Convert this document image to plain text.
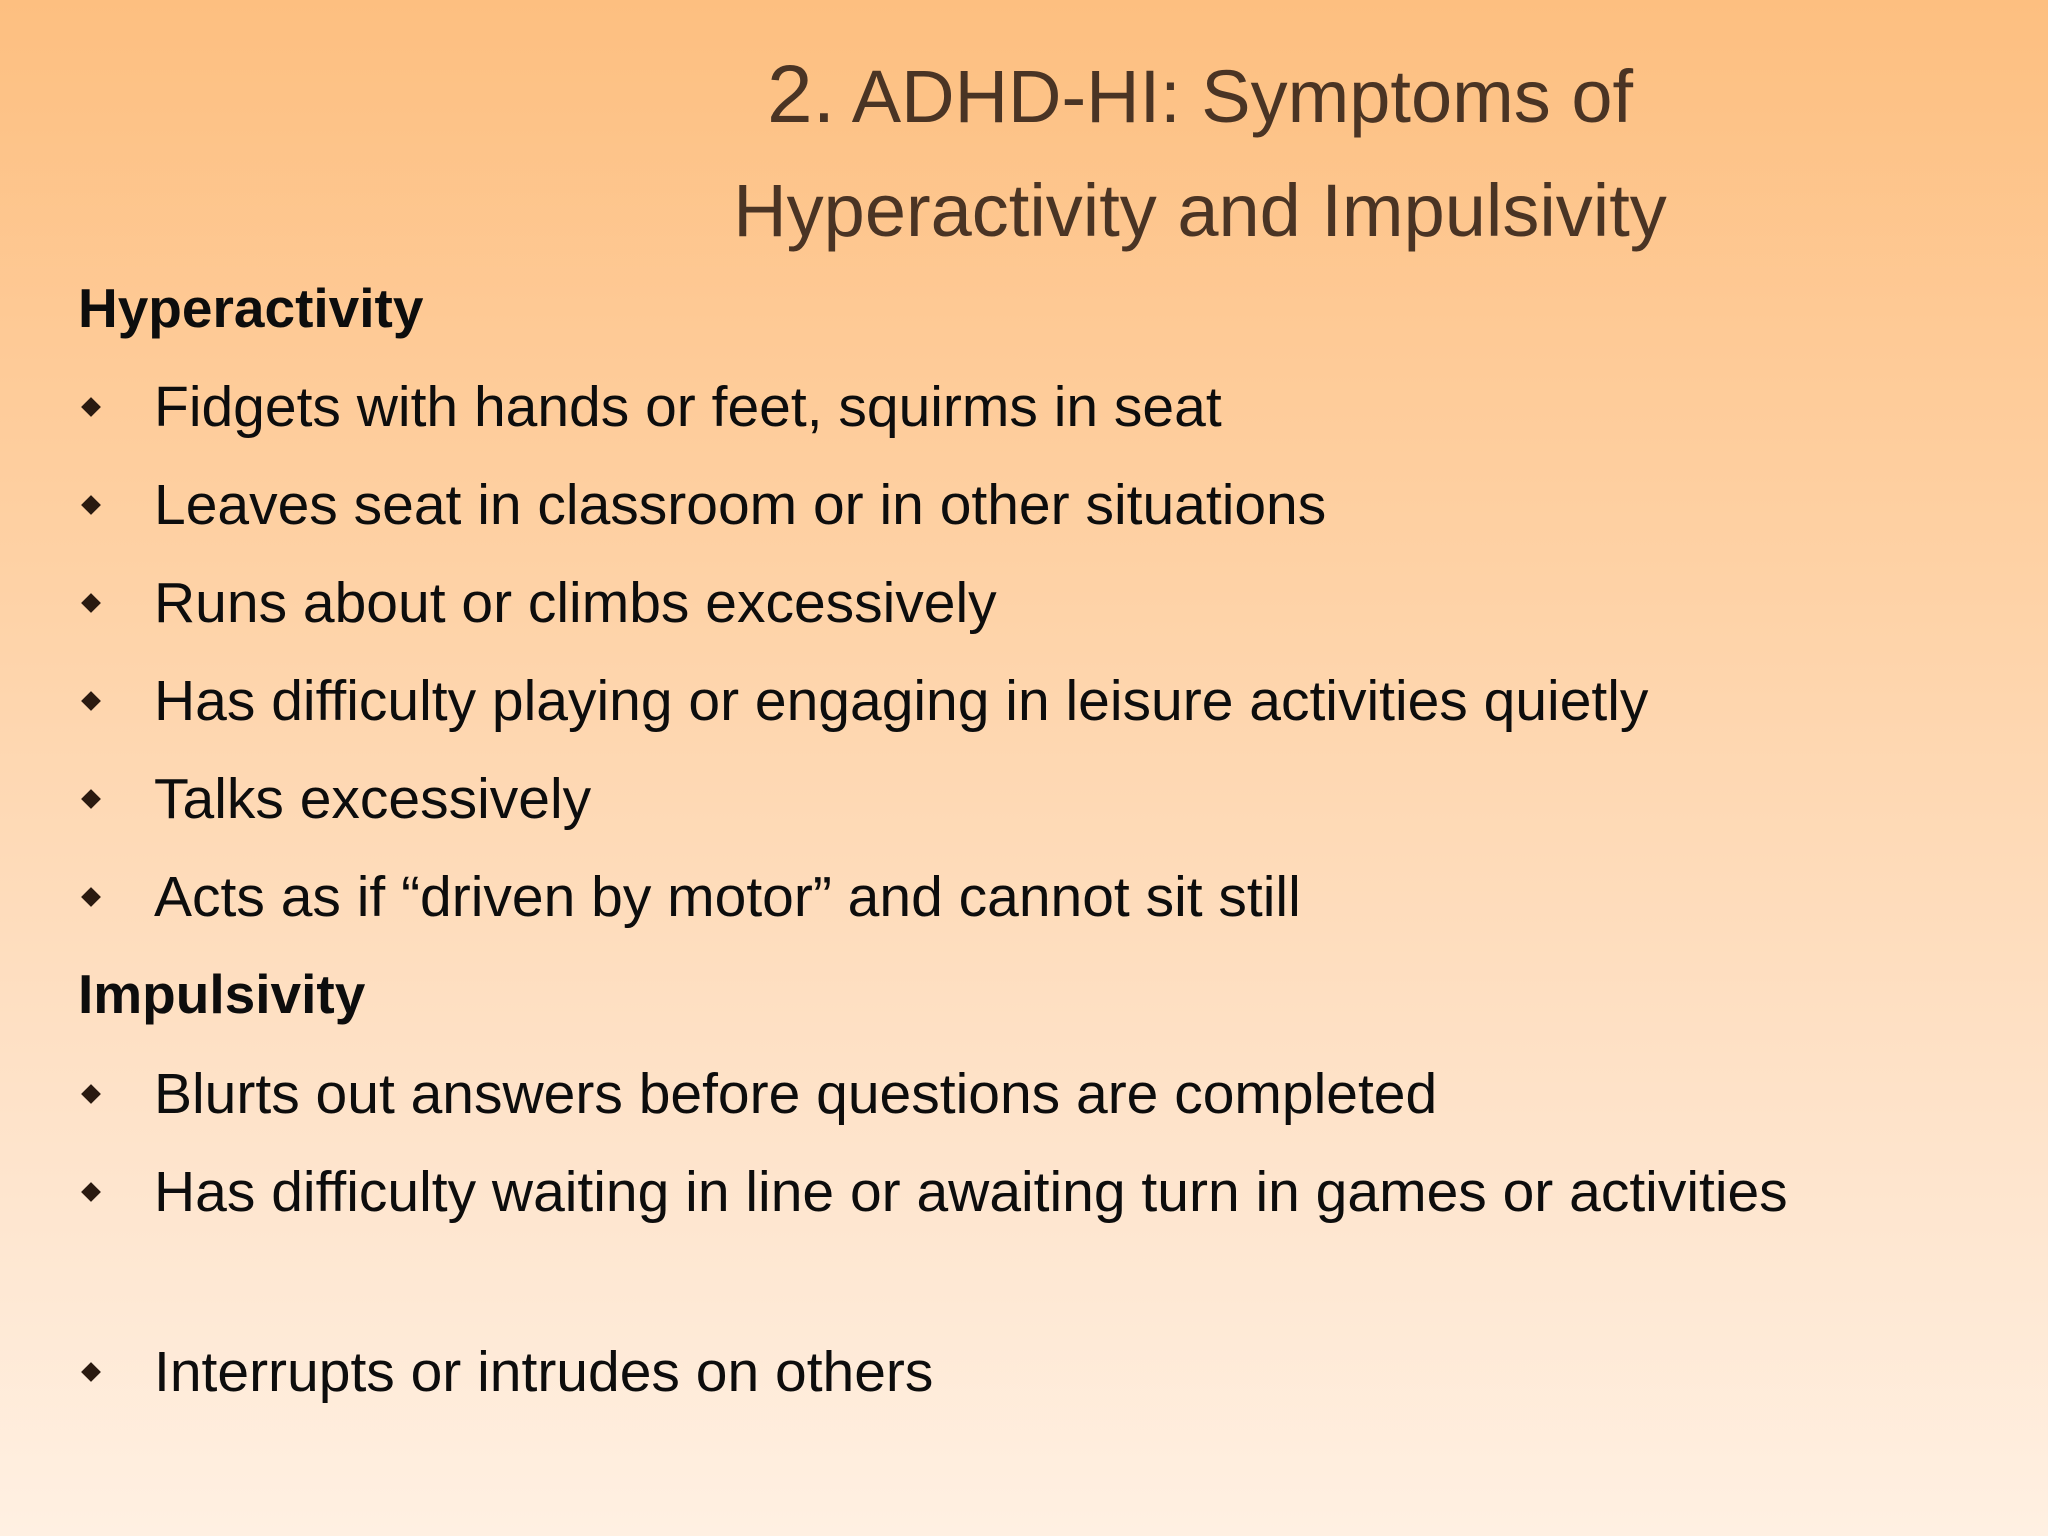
2. ADHD-HI: Symptoms of
Hyperactivity and Impulsivity
Hyperactivity
Fidgets with hands or feet, squirms in seat
Leaves seat in classroom or in other situations
Runs about or climbs excessively
Has difficulty playing or engaging in leisure activities quietly
Talks excessively
Acts as if “driven by motor” and cannot sit still
Impulsivity
Blurts out answers before questions are completed
Has difficulty waiting in line or awaiting turn in games or activities
Interrupts or intrudes on others
